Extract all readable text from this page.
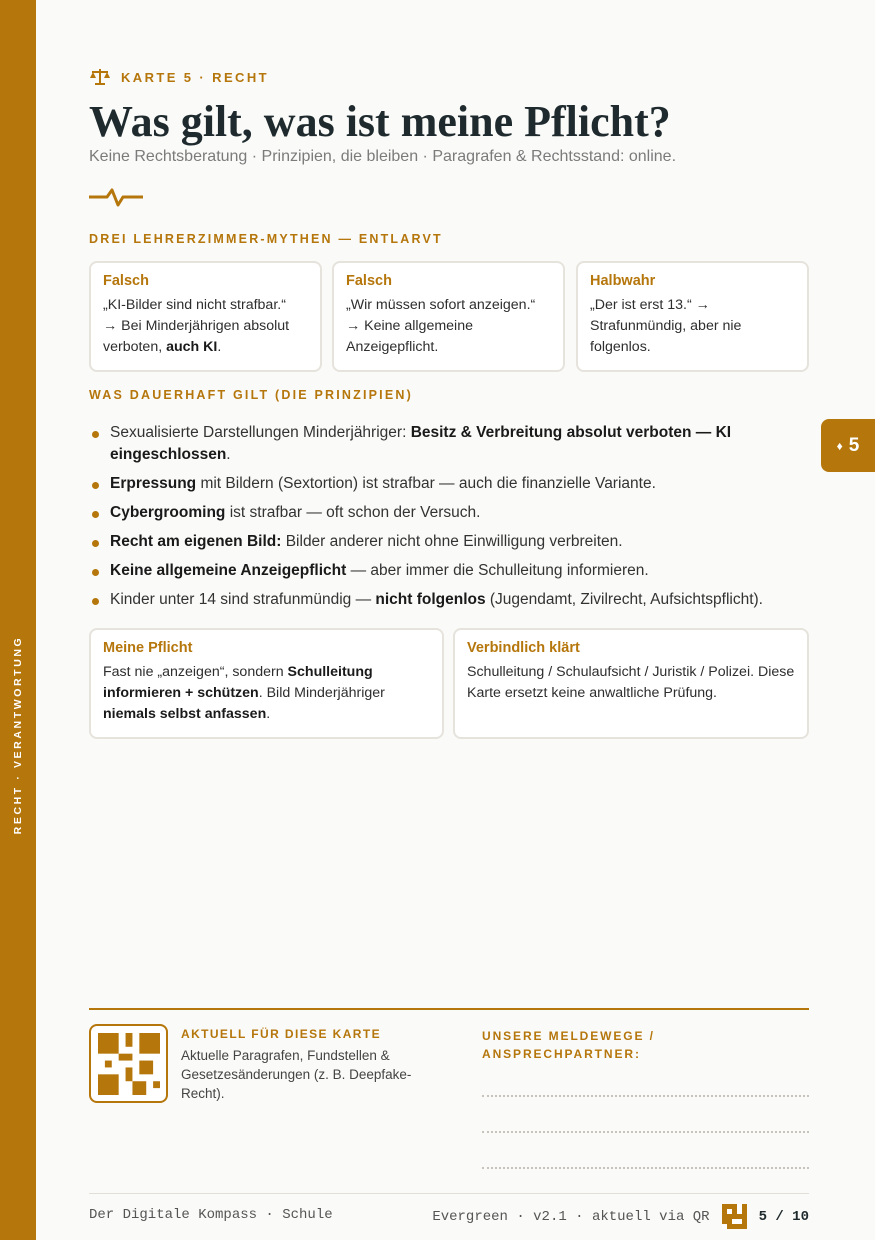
RECHT · VERANTWORTUNG
♦ 5
KARTE 5 · RECHT
Was gilt, was ist meine Pflicht?
Keine Rechtsberatung · Prinzipien, die bleiben · Paragrafen & Rechtsstand: online.
DREI LEHRERZIMMER-MYTHEN — ENTLARVT
Falsch
„KI-Bilder sind nicht strafbar.“
→ Bei Minderjährigen absolut verboten, auch KI.
Falsch
„Wir müssen sofort anzeigen.“
→ Keine allgemeine Anzeigepflicht.
Halbwahr
„Der ist erst 13.“ → Strafunmündig, aber nie folgenlos.
WAS DAUERHAFT GILT (DIE PRINZIPIEN)
Sexualisierte Darstellungen Minderjähriger: Besitz & Verbreitung absolut verboten — KI eingeschlossen.
Erpressung mit Bildern (Sextortion) ist strafbar — auch die finanzielle Variante.
Cybergrooming ist strafbar — oft schon der Versuch.
Recht am eigenen Bild: Bilder anderer nicht ohne Einwilligung verbreiten.
Keine allgemeine Anzeigepflicht — aber immer die Schulleitung informieren.
Kinder unter 14 sind strafunmündig — nicht folgenlos (Jugendamt, Zivilrecht, Aufsichtspflicht).
Meine Pflicht
Fast nie „anzeigen“, sondern Schulleitung informieren + schützen. Bild Minderjähriger niemals selbst anfassen.
Verbindlich klärt
Schulleitung / Schulaufsicht / Juristik / Polizei. Diese Karte ersetzt keine anwaltliche Prüfung.
AKTUELL FÜR DIESE KARTE
Aktuelle Paragrafen, Fundstellen & Gesetzesänderungen (z. B. Deepfake-Recht).
UNSERE MELDEWEGE / ANSPRECHPARTNER:
Der Digitale Kompass · Schule	Evergreen · v2.1 · aktuell via QR	5 / 10
